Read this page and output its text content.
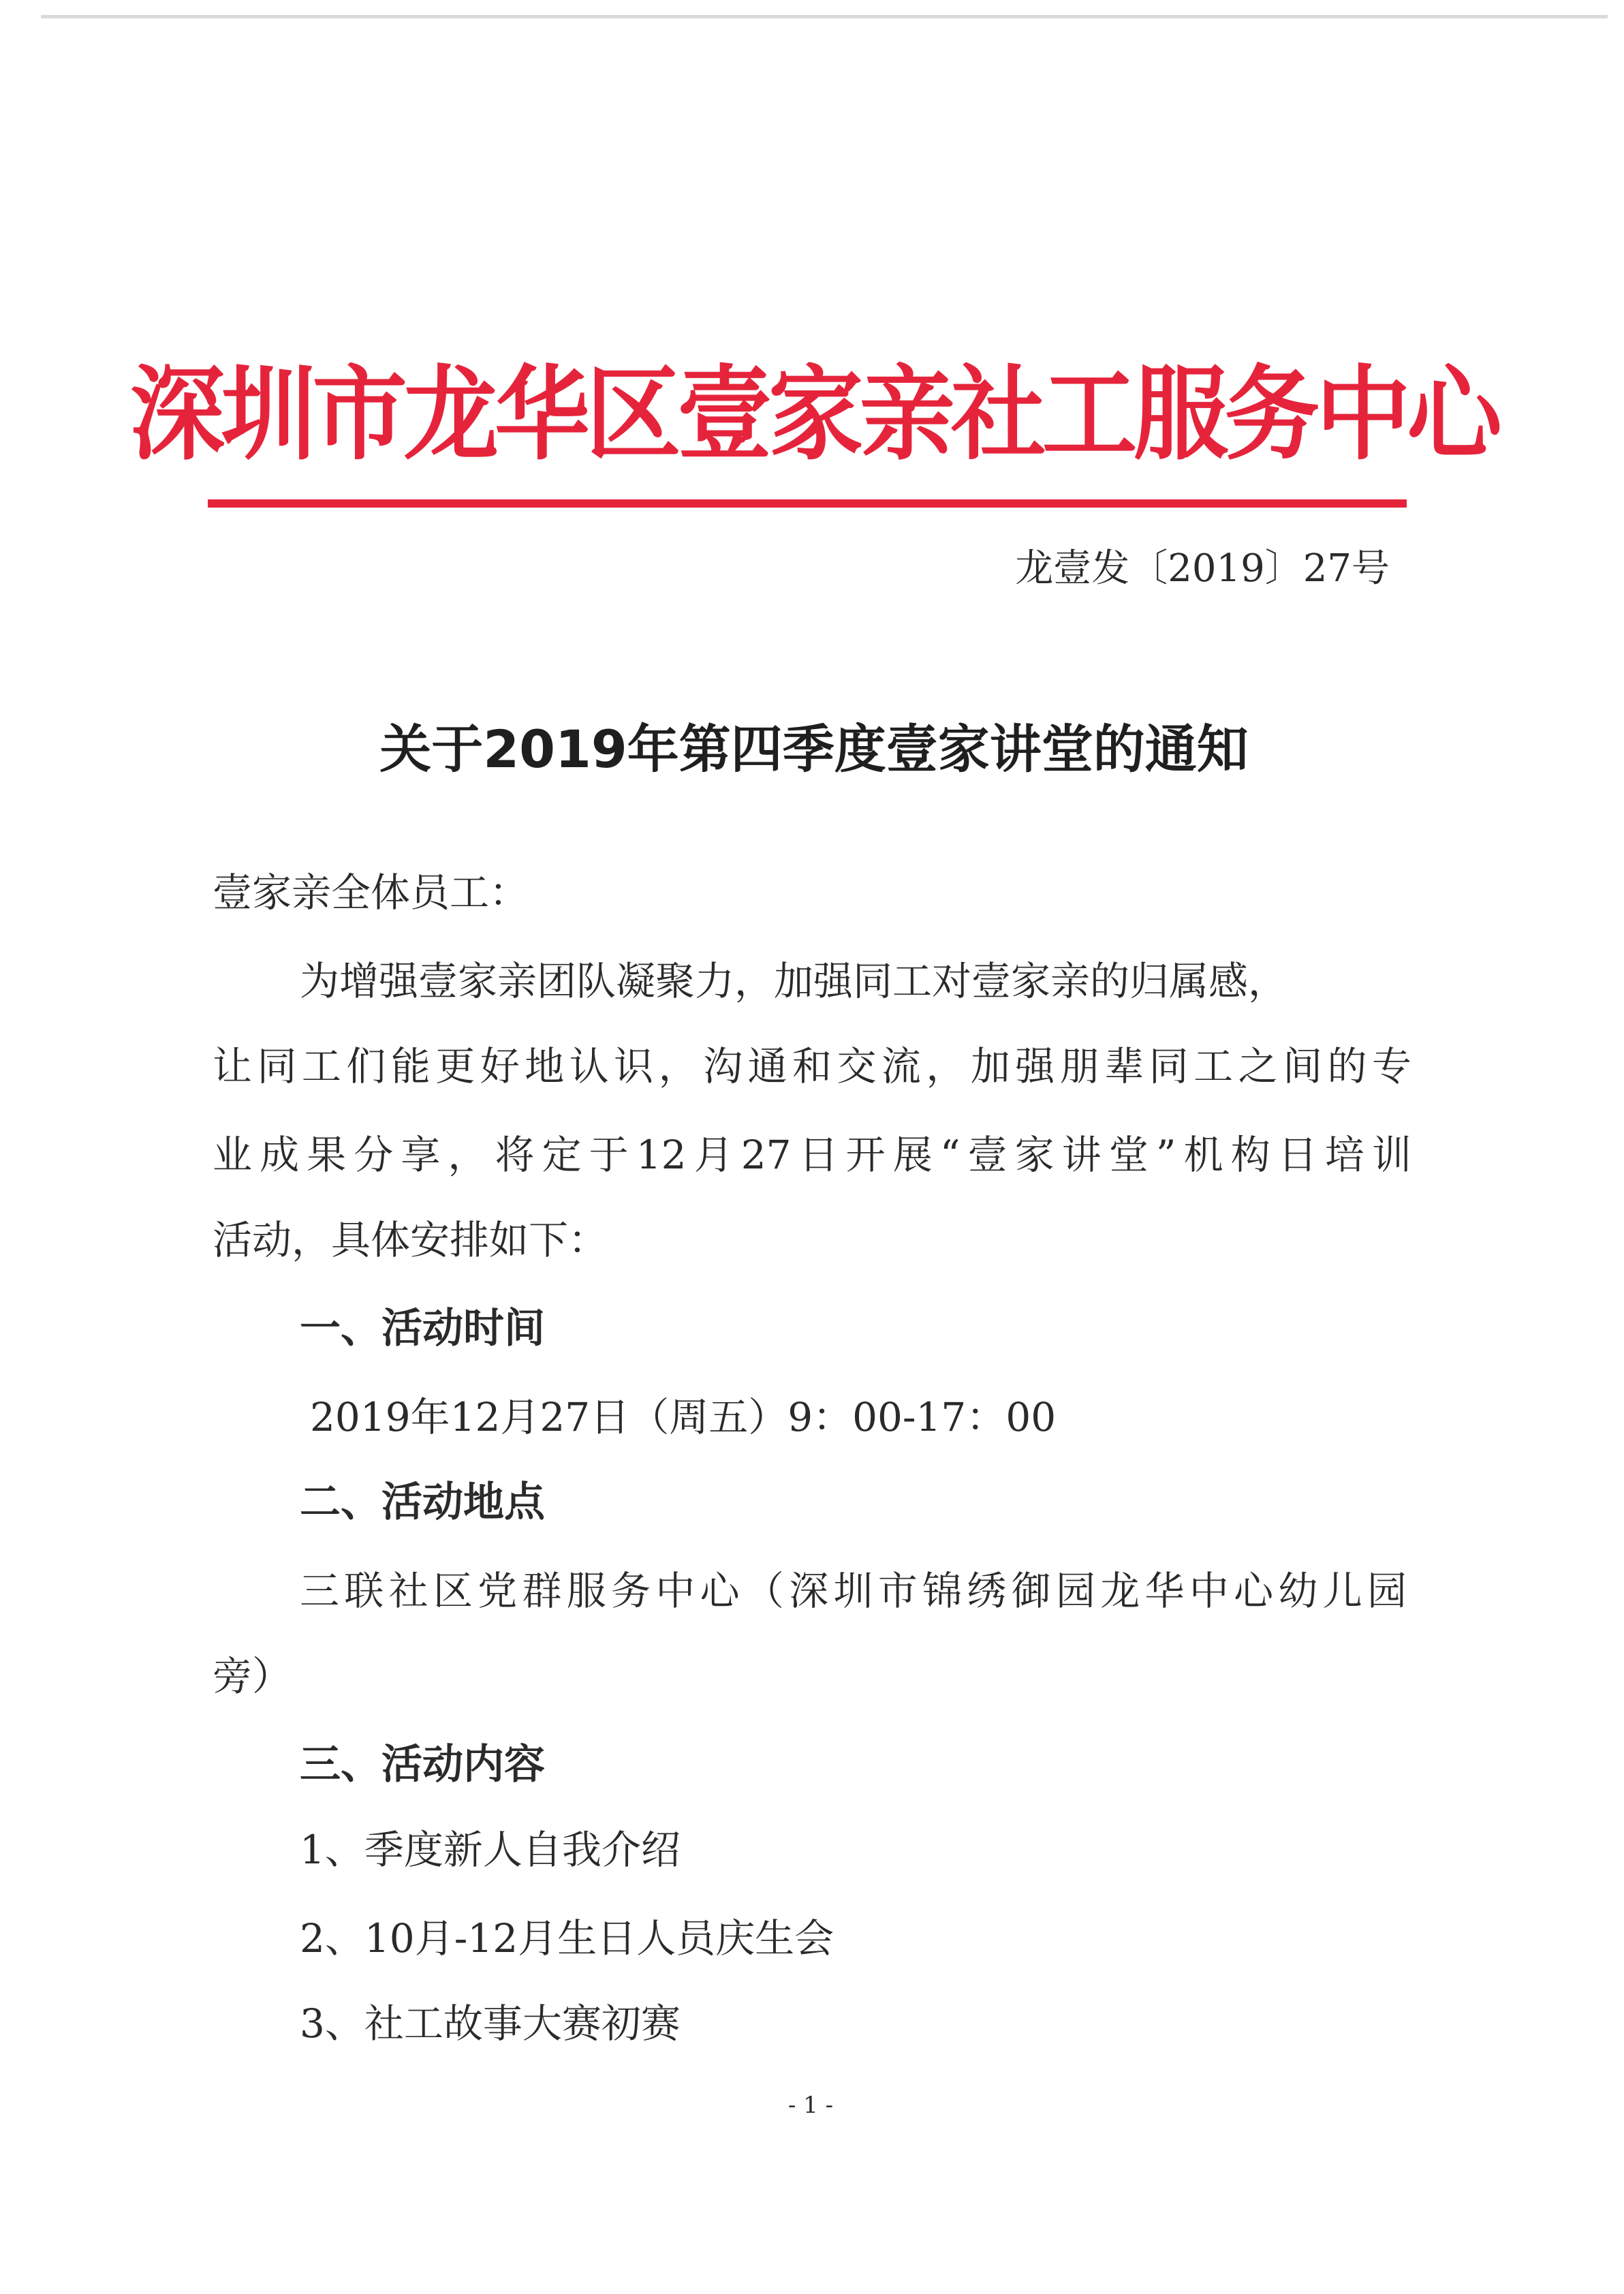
深圳市龙华区壹家亲社工服务中心
龙壹发〔2019〕27号
关于2019年第四季度壹家讲堂的通知
壹家亲全体员工：
为增强壹家亲团队凝聚力，加强同工对壹家亲的归属感，
让同工们能更好地认识，沟通和交流，加强朋辈同工之间的专
业成果分享，将定于12月27日开展“壹家讲堂”机构日培训
活动，具体安排如下：
一、活动时间
2019年12月27日（周五）9：00-17：00
二、活动地点
三联社区党群服务中心（深圳市锦绣御园龙华中心幼儿园
旁）
三、活动内容
1、季度新人自我介绍
2、10月-12月生日人员庆生会
3、社工故事大赛初赛
- 1 -
